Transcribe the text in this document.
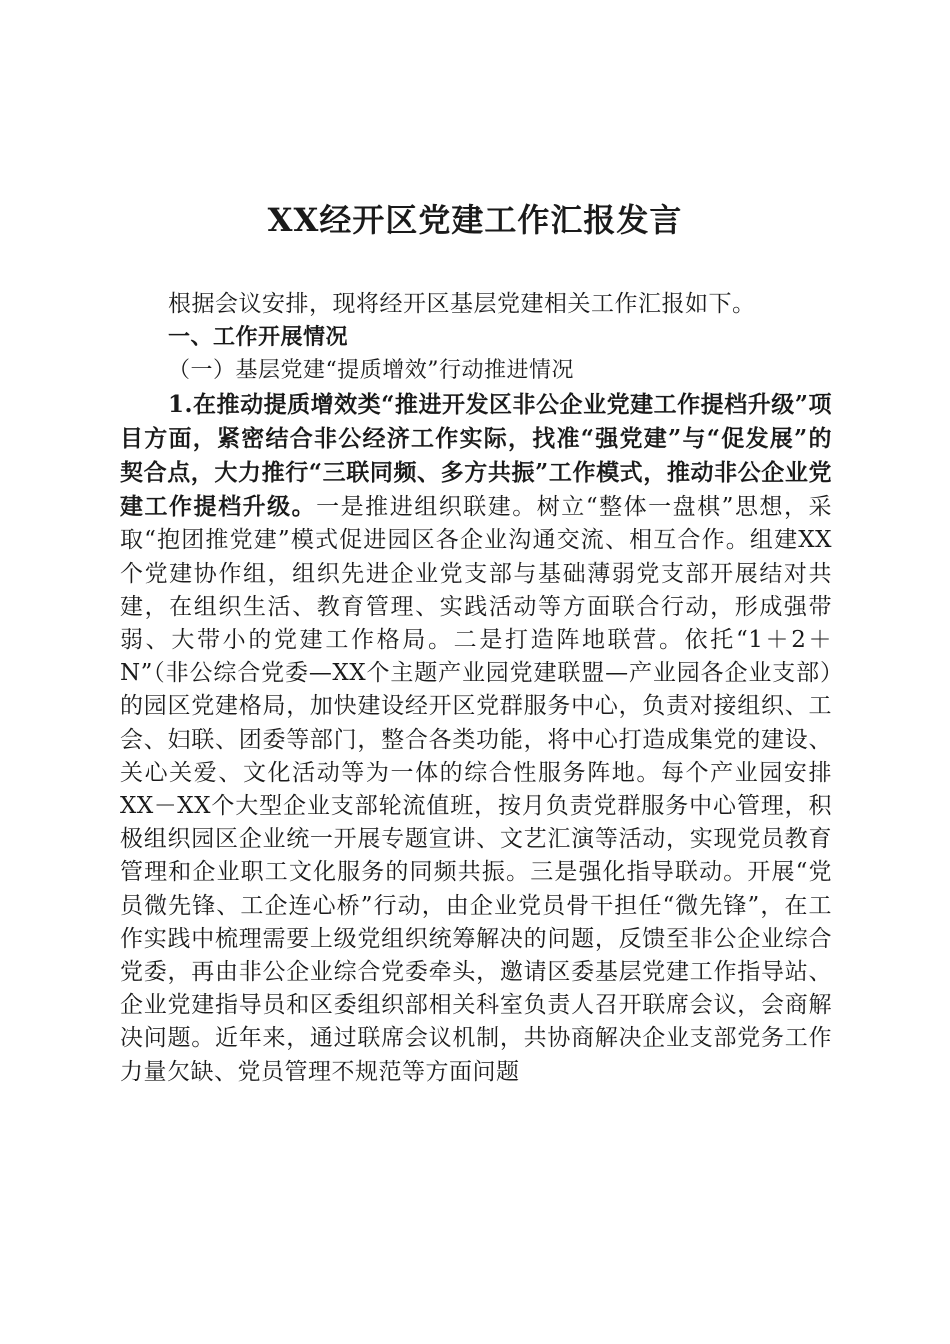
XX经开区党建工作汇报发言

根据会议安排，现将经开区基层党建相关工作汇报如下。

一、工作开展情况

（一）基层党建“提质增效”行动推进情况

1.在推动提质增效类“推进开发区非公企业党建工作提档升级”项目方面，紧密结合非公经济工作实际，找准“强党建”与“促发展”的契合点，大力推行“三联同频、多方共振”工作模式，推动非公企业党建工作提档升级。一是推进组织联建。树立“整体一盘棋”思想，采取“抱团推党建”模式促进园区各企业沟通交流、相互合作。组建XX个党建协作组，组织先进企业党支部与基础薄弱党支部开展结对共建，在组织生活、教育管理、实践活动等方面联合行动，形成强带弱、大带小的党建工作格局。二是打造阵地联营。依托“1＋2＋N”（非公综合党委—XX个主题产业园党建联盟—产业园各企业支部）的园区党建格局，加快建设经开区党群服务中心，负责对接组织、工会、妇联、团委等部门，整合各类功能，将中心打造成集党的建设、关心关爱、文化活动等为一体的综合性服务阵地。每个产业园安排XX－XX个大型企业支部轮流值班，按月负责党群服务中心管理，积极组织园区企业统一开展专题宣讲、文艺汇演等活动，实现党员教育管理和企业职工文化服务的同频共振。三是强化指导联动。开展“党员微先锋、工企连心桥”行动，由企业党员骨干担任“微先锋”，在工作实践中梳理需要上级党组织统筹解决的问题，反馈至非公企业综合党委，再由非公企业综合党委牵头，邀请区委基层党建工作指导站、企业党建指导员和区委组织部相关科室负责人召开联席会议，会商解决问题。近年来，通过联席会议机制，共协商解决企业支部党务工作力量欠缺、党员管理不规范等方面问题
